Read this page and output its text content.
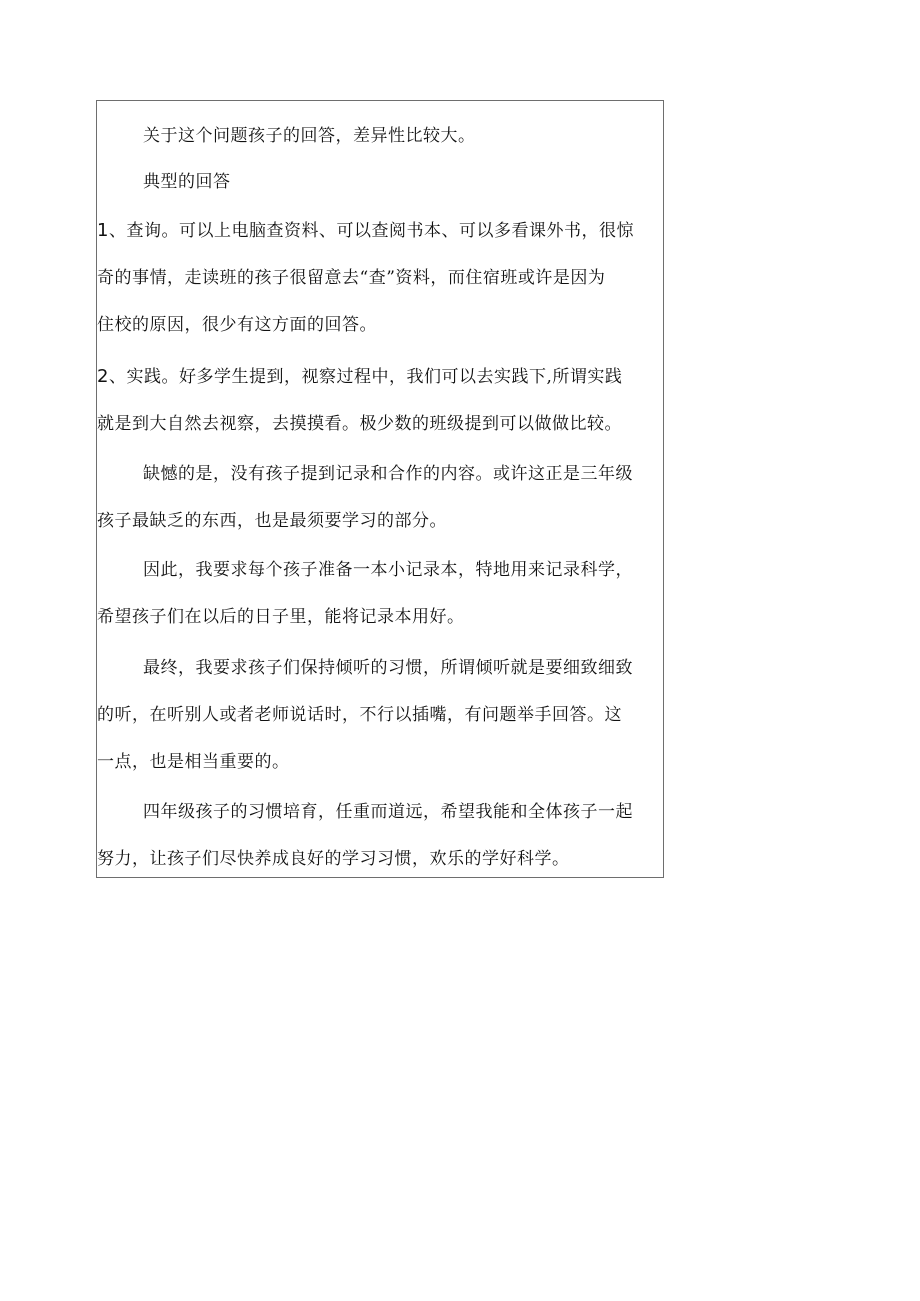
关于这个问题孩子的回答，差异性比较大。

典型的回答

1、查询。可以上电脑查资料、可以查阅书本、可以多看课外书，很惊
奇的事情，走读班的孩子很留意去“查”资料，而住宿班或许是因为
住校的原因，很少有这方面的回答。

2、实践。好多学生提到，视察过程中，我们可以去实践下,所谓实践
就是到大自然去视察，去摸摸看。极少数的班级提到可以做做比较。

缺憾的是，没有孩子提到记录和合作的内容。或许这正是三年级
孩子最缺乏的东西，也是最须要学习的部分。

因此，我要求每个孩子准备一本小记录本，特地用来记录科学，
希望孩子们在以后的日子里，能将记录本用好。

最终，我要求孩子们保持倾听的习惯，所谓倾听就是要细致细致
的听，在听别人或者老师说话时，不行以插嘴，有问题举手回答。这
一点，也是相当重要的。

四年级孩子的习惯培育，任重而道远，希望我能和全体孩子一起
努力，让孩子们尽快养成良好的学习习惯，欢乐的学好科学。
